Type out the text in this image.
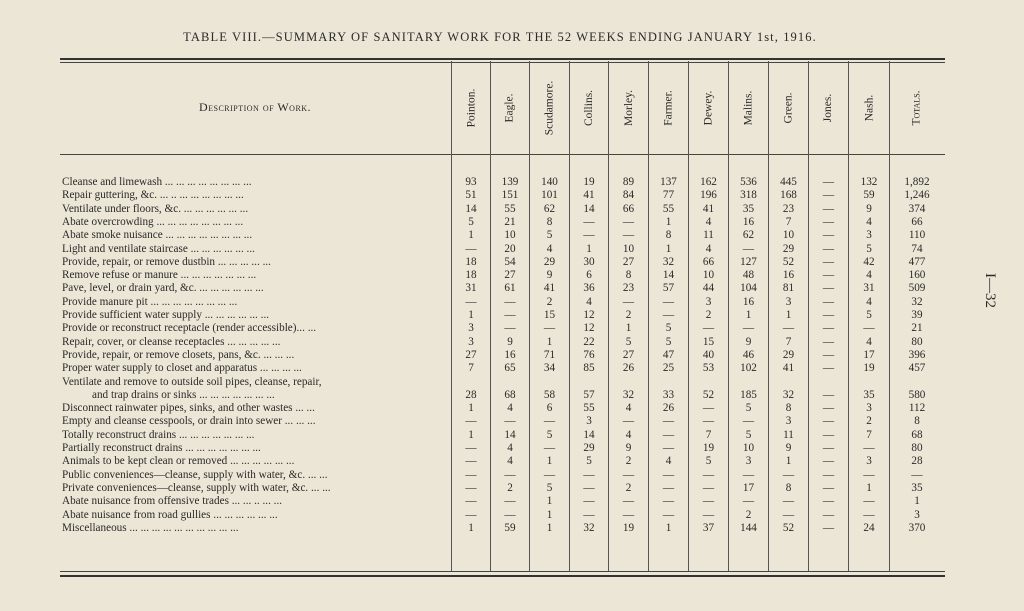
TABLE VIII.—SUMMARY OF SANITARY WORK FOR THE 52 WEEKS ENDING JANUARY 1st, 1916.
Description of Work.	Pointon. Eagle. Scudamore. Collins. Morley. Farmer. Dewey. Malins. Green. Jones. Nash.	Totals.
Cleanse and limewash ... ... ... ... ... ... ... ...	93	139	140	19	89	137	162	536	445	—	132	1,892
Repair guttering, &c. ... .. ... ... ... ... ... ...	51	151	101	41	84	77	196	318	168	—	59	1,246
Ventilate under floors, &c. ... ... ... ... ... ...	14	55	62	14	66	55	41	35	23	—	9	374
Abate overcrowding ... ... ... ... ... ... ... ...	5	21	8	—	—	1	4	16	7	—	4	66
Abate smoke nuisance ... ... ... ... ... ... ... ...	1	10	5	—	—	8	11	62	10	—	3	110
Light and ventilate staircase ... ... ... ... ... ...	—	20	4	1	10	1	4	—	29	—	5	74
Provide, repair, or remove dustbin ... ... ... ... ...	18	54	29	30	27	32	66	127	52	—	42	477
Remove refuse or manure ... ... ... ... ... ... ...	18	27	9	6	8	14	10	48	16	—	4	160
Pave, level, or drain yard, &c. ... ... ... ... ... ...	31	61	41	36	23	57	44	104	81	—	31	509
Provide manure pit ... ... ... ... ... ... ... ...	—	—	2	4	—	—	3	16	3	—	4	32
Provide sufficient water supply ... ... ... ... ... ...	1	—	15	12	2	—	2	1	1	—	5	39
Provide or reconstruct receptacle (render accessible)... ...	3	—	—	12	1	5	—	—	—	—	—	21
Repair, cover, or cleanse receptacles ... ... ... ... ...	3	9	1	22	5	5	15	9	7	—	4	80
Provide, repair, or remove closets, pans, &c. ... ... ...	27	16	71	76	27	47	40	46	29	—	17	396
Proper water supply to closet and apparatus ... ... ... ...	7	65	34	85	26	25	53	102	41	—	19	457
Ventilate and remove to outside soil pipes, cleanse, repair,
and trap drains or sinks ... ... ... ... ... ... ...	28	68	58	57	32	33	52	185	32	—	35	580
Disconnect rainwater pipes, sinks, and other wastes ... ...	1	4	6	55	4	26	—	5	8	—	3	112
Empty and cleanse cesspools, or drain into sewer ... ... ...	—	—	—	3	—	—	—	—	3	—	2	8
Totally reconstruct drains ... ... ... ... ... ... ...	1	14	5	14	4	—	7	5	11	—	7	68
Partially reconstruct drains ... ... ... ... ... ... ...	—	4	—	29	9	—	19	10	9	—	—	80
Animals to be kept clean or removed ... ... ... ... ... ...	—	4	1	5	2	4	5	3	1	—	3	28
Public conveniences—cleanse, supply with water, &c. ... ...	—	—	—	—	—	—	—	—	—	—	—	—
Private conveniences—cleanse, supply with water, &c. ... ...	—	2	5	—	2	—	—	17	8	—	1	35
Abate nuisance from offensive trades ... ... .. ... ...	—	—	1	—	—	—	—	—	—	—	—	1
Abate nuisance from road gullies ... ... ... ... ... ...	—	—	1	—	—	—	—	2	—	—	—	3
Miscellaneous ... ... ... ... ... ... ... ... ... ...	1	59	1	32	19	1	37	144	52	—	24	370
I—32
